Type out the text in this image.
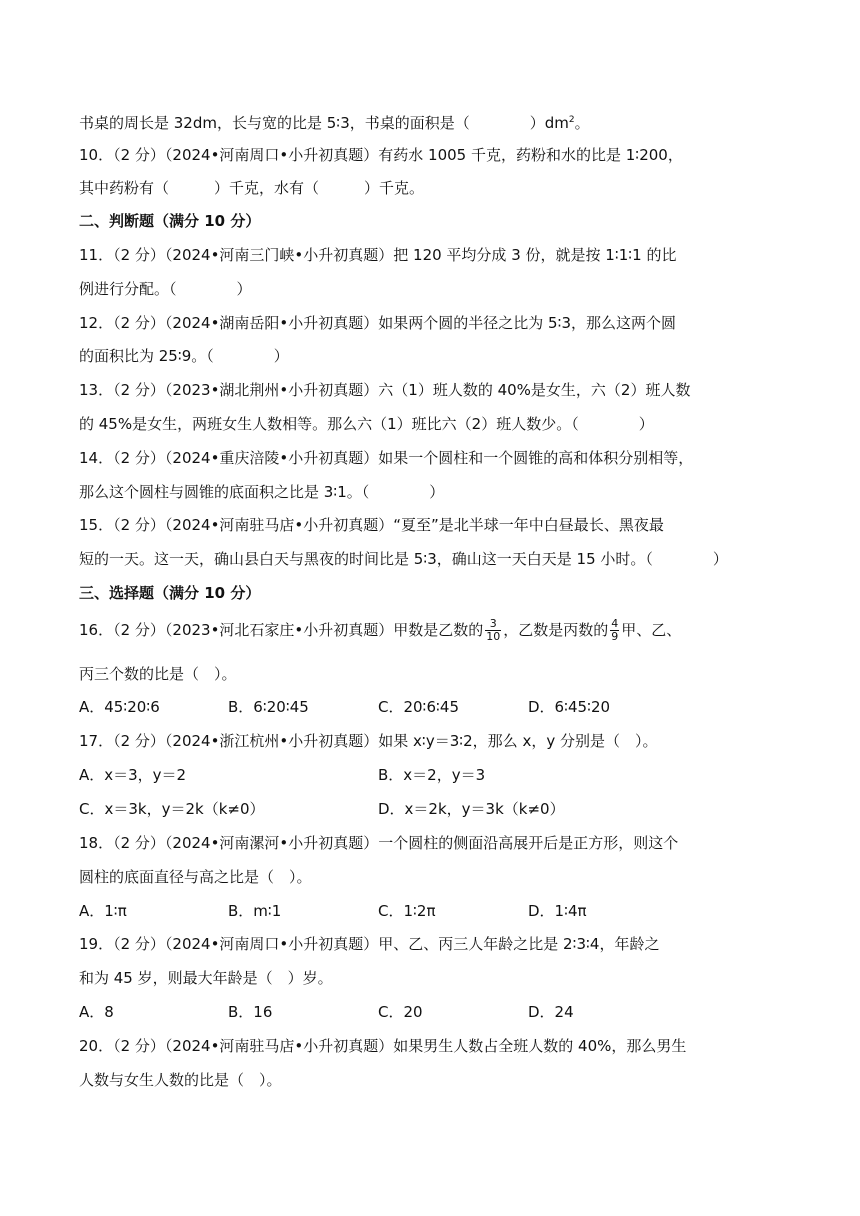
书桌的周长是 32dm，长与宽的比是 5∶3，书桌的面积是（　　　　）$dm^2$。
10．（2 分）（2024•河南周口•小升初真题）有药水 1005 千克，药粉和水的比是 1∶200，
其中药粉有（　　　）千克，水有（　　　）千克。
二、判断题（满分 10 分）
11．（2 分）（2024•河南三门峡•小升初真题）把 120 平均分成 3 份，就是按 1∶1∶1 的比
例进行分配。（　　　　）
12．（2 分）（2024•湖南岳阳•小升初真题）如果两个圆的半径之比为 5∶3，那么这两个圆
的面积比为 25∶9。（　　　　）
13．（2 分）（2023•湖北荆州•小升初真题）六（1）班人数的 40%是女生，六（2）班人数
的 45%是女生，两班女生人数相等。那么六（1）班比六（2）班人数少。（　　　　）
14．（2 分）（2024•重庆涪陵•小升初真题）如果一个圆柱和一个圆锥的高和体积分别相等，
那么这个圆柱与圆锥的底面积之比是 3∶1。（　　　　）
15．（2 分）（2024•河南驻马店•小升初真题）“夏至”是北半球一年中白昼最长、黑夜最
短的一天。这一天，确山县白天与黑夜的时间比是 5∶3，确山这一天白天是 15 小时。（　　　　）
三、选择题（满分 10 分）
16．（2 分）（2023•河北石家庄•小升初真题）甲数是乙数的 $\frac{3}{10}$ ，乙数是丙数的 $\frac{4}{9}$ 甲、乙、
丙三个数的比是（　）。
A．45∶20∶6	B．6∶20∶45	C．20∶6∶45	D．6∶45∶20
17．（2 分）（2024•浙江杭州•小升初真题）如果 x∶y＝3∶2，那么 x，y 分别是（　）。
A．x＝3，y＝2	B．x＝2，y＝3
C．x＝3k，y＝2k（k≠0）	D．x＝2k，y＝3k（k≠0）
18．（2 分）（2024•河南漯河•小升初真题）一个圆柱的侧面沿高展开后是正方形，则这个
圆柱的底面直径与高之比是（　）。
A．1∶π	B．m∶1	C．1∶2π	D．1∶4π
19．（2 分）（2024•河南周口•小升初真题）甲、乙、丙三人年龄之比是 2∶3∶4，年龄之
和为 45 岁，则最大年龄是（　）岁。
A．8	B．16	C．20	D．24
20．（2 分）（2024•河南驻马店•小升初真题）如果男生人数占全班人数的 40%，那么男生
人数与女生人数的比是（　）。
